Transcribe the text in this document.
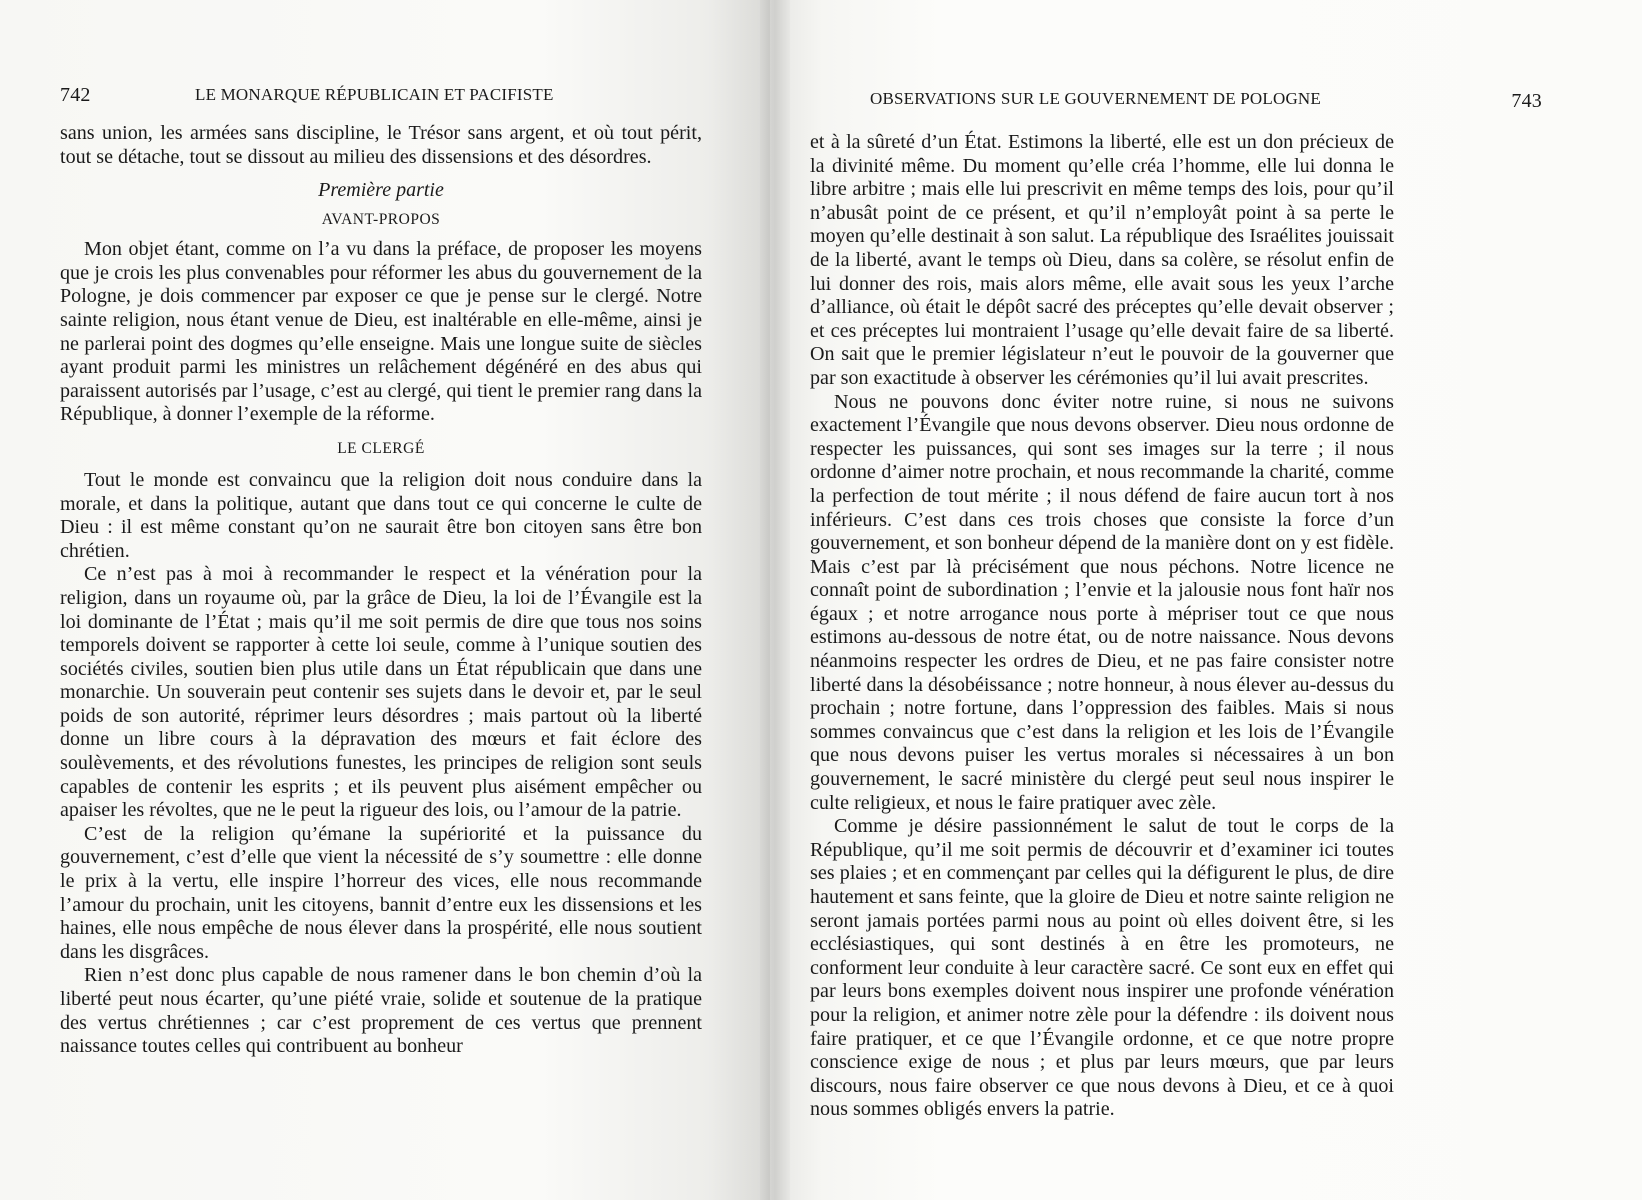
742	LE MONARQUE RÉPUBLICAIN ET PACIFISTE

sans union, les armées sans discipline, le Trésor sans argent, et où tout périt, tout se détache, tout se dissout au milieu des dissensions et des désordres.

Première partie
AVANT-PROPOS

Mon objet étant, comme on l’a vu dans la préface, de proposer les moyens que je crois les plus convenables pour réformer les abus du gouvernement de la Pologne, je dois commencer par exposer ce que je pense sur le clergé. Notre sainte religion, nous étant venue de Dieu, est inaltérable en elle-même, ainsi je ne parlerai point des dogmes qu’elle enseigne. Mais une longue suite de siècles ayant produit parmi les ministres un relâchement dégénéré en des abus qui paraissent autorisés par l’usage, c’est au clergé, qui tient le premier rang dans la République, à donner l’exemple de la réforme.

LE CLERGÉ

Tout le monde est convaincu que la religion doit nous conduire dans la morale, et dans la politique, autant que dans tout ce qui concerne le culte de Dieu : il est même constant qu’on ne saurait être bon citoyen sans être bon chrétien.

Ce n’est pas à moi à recommander le respect et la vénération pour la religion, dans un royaume où, par la grâce de Dieu, la loi de l’Évangile est la loi dominante de l’État ; mais qu’il me soit permis de dire que tous nos soins temporels doivent se rapporter à cette loi seule, comme à l’unique soutien des sociétés civiles, soutien bien plus utile dans un État républicain que dans une monarchie. Un souverain peut contenir ses sujets dans le devoir et, par le seul poids de son autorité, réprimer leurs désordres ; mais partout où la liberté donne un libre cours à la dépravation des mœurs et fait éclore des soulèvements, et des révolutions funestes, les principes de religion sont seuls capables de contenir les esprits ; et ils peuvent plus aisément empêcher ou apaiser les révoltes, que ne le peut la rigueur des lois, ou l’amour de la patrie.

C’est de la religion qu’émane la supériorité et la puissance du gouvernement, c’est d’elle que vient la nécessité de s’y soumettre : elle donne le prix à la vertu, elle inspire l’horreur des vices, elle nous recommande l’amour du prochain, unit les citoyens, bannit d’entre eux les dissensions et les haines, elle nous empêche de nous élever dans la prospérité, elle nous soutient dans les disgrâces.

Rien n’est donc plus capable de nous ramener dans le bon chemin d’où la liberté peut nous écarter, qu’une piété vraie, solide et soutenue de la pratique des vertus chrétiennes ; car c’est proprement de ces vertus que prennent naissance toutes celles qui contribuent au bonheur

OBSERVATIONS SUR LE GOUVERNEMENT DE POLOGNE	743

et à la sûreté d’un État. Estimons la liberté, elle est un don précieux de la divinité même. Du moment qu’elle créa l’homme, elle lui donna le libre arbitre ; mais elle lui prescrivit en même temps des lois, pour qu’il n’abusât point de ce présent, et qu’il n’employât point à sa perte le moyen qu’elle destinait à son salut. La république des Israélites jouissait de la liberté, avant le temps où Dieu, dans sa colère, se résolut enfin de lui donner des rois, mais alors même, elle avait sous les yeux l’arche d’alliance, où était le dépôt sacré des préceptes qu’elle devait observer ; et ces préceptes lui montraient l’usage qu’elle devait faire de sa liberté. On sait que le premier législateur n’eut le pouvoir de la gouverner que par son exactitude à observer les cérémonies qu’il lui avait prescrites.

Nous ne pouvons donc éviter notre ruine, si nous ne suivons exactement l’Évangile que nous devons observer. Dieu nous ordonne de respecter les puissances, qui sont ses images sur la terre ; il nous ordonne d’aimer notre prochain, et nous recommande la charité, comme la perfection de tout mérite ; il nous défend de faire aucun tort à nos inférieurs. C’est dans ces trois choses que consiste la force d’un gouvernement, et son bonheur dépend de la manière dont on y est fidèle. Mais c’est par là précisément que nous péchons. Notre licence ne connaît point de subordination ; l’envie et la jalousie nous font haïr nos égaux ; et notre arrogance nous porte à mépriser tout ce que nous estimons au-dessous de notre état, ou de notre naissance. Nous devons néanmoins respecter les ordres de Dieu, et ne pas faire consister notre liberté dans la désobéissance ; notre honneur, à nous élever au-dessus du prochain ; notre fortune, dans l’oppression des faibles. Mais si nous sommes convaincus que c’est dans la religion et les lois de l’Évangile que nous devons puiser les vertus morales si nécessaires à un bon gouvernement, le sacré ministère du clergé peut seul nous inspirer le culte religieux, et nous le faire pratiquer avec zèle.

Comme je désire passionnément le salut de tout le corps de la République, qu’il me soit permis de découvrir et d’examiner ici toutes ses plaies ; et en commençant par celles qui la défigurent le plus, de dire hautement et sans feinte, que la gloire de Dieu et notre sainte religion ne seront jamais portées parmi nous au point où elles doivent être, si les ecclésiastiques, qui sont destinés à en être les promoteurs, ne conforment leur conduite à leur caractère sacré. Ce sont eux en effet qui par leurs bons exemples doivent nous inspirer une profonde vénération pour la religion, et animer notre zèle pour la défendre : ils doivent nous faire pratiquer, et ce que l’Évangile ordonne, et ce que notre propre conscience exige de nous ; et plus par leurs mœurs, que par leurs discours, nous faire observer ce que nous devons à Dieu, et ce à quoi nous sommes obligés envers la patrie.
